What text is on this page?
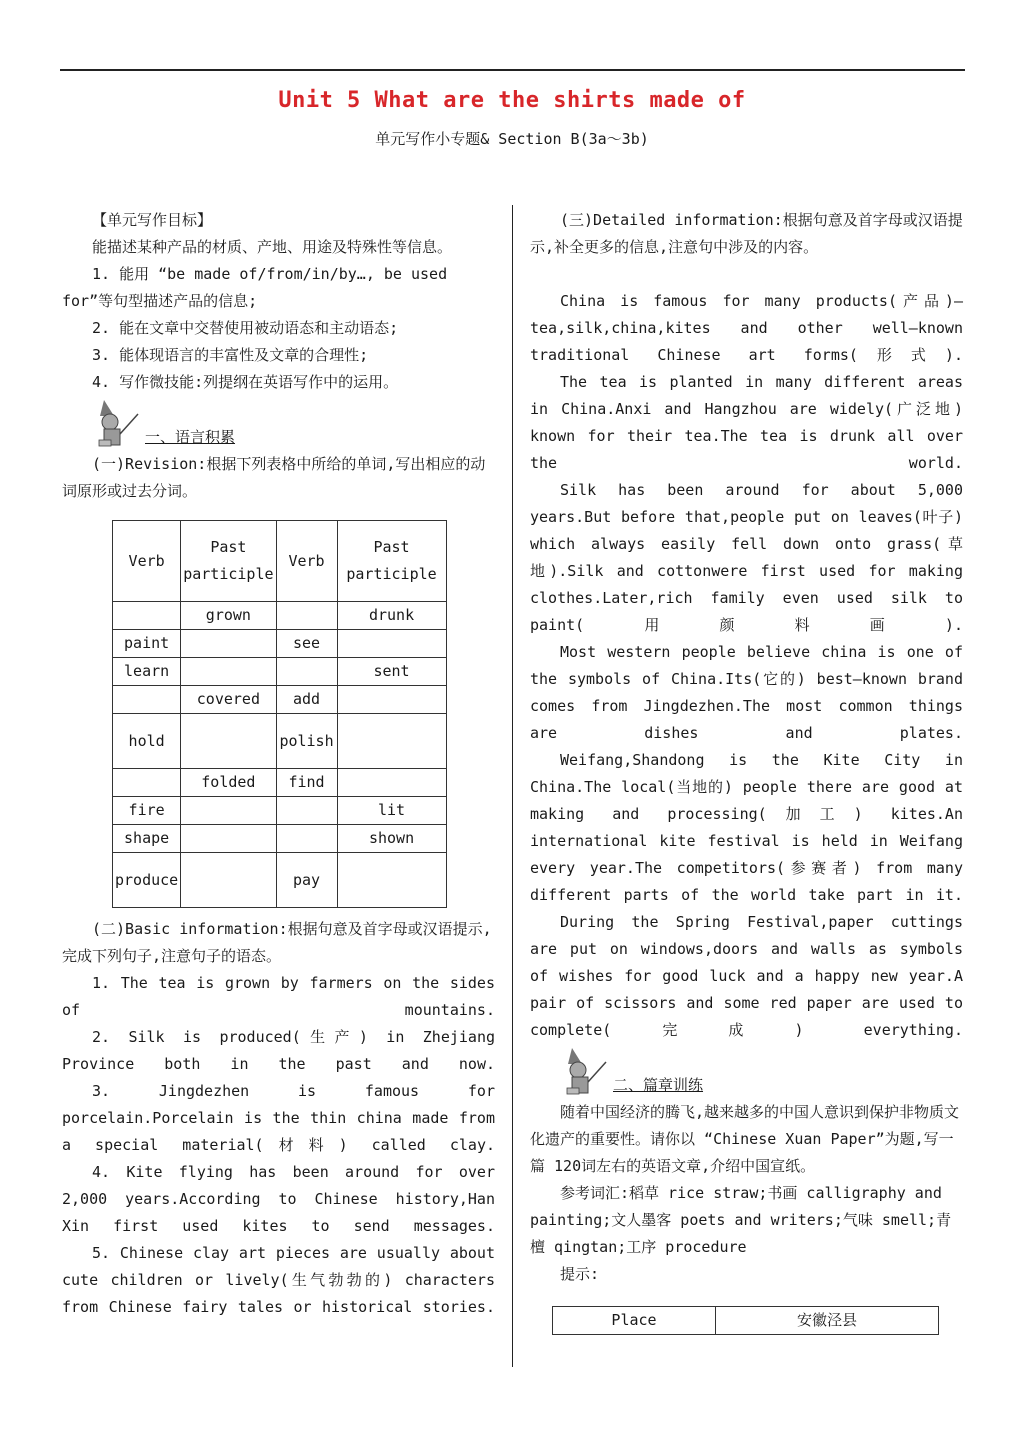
Unit 5 What are the shirts made of
单元写作小专题& Section B(3a～3b)

【单元写作目标】

能描述某种产品的材质、产地、用途及特殊性等信息。

1. 能用 “be made of/from/in/by…, be used for”等句型描述产品的信息;

2. 能在文章中交替使用被动语态和主动语态;

3. 能体现语言的丰富性及文章的合理性;

4. 写作微技能:列提纲在英语写作中的运用。

一、语言积累

(一)Revision:根据下列表格中所给的单词,写出相应的动词原形或过去分词。

Verb	Past participle	Verb	Past participle
	grown		drunk
paint		see	
learn			sent
	covered	add	
hold		polish	
	folded	find	
fire			lit
shape			shown
produce		pay	

(二)Basic information:根据句意及首字母或汉语提示,完成下列句子,注意句子的语态。

1. The tea is grown by farmers on the sides of mountains.

2. Silk is produced(生产) in Zhejiang Province both in the past and now.

3. Jingdezhen is famous for porcelain.Porcelain is the thin china made from a special material(材料) called clay.

4. Kite flying has been around for over 2,000 years.According to Chinese history,Han Xin first used kites to send messages.

5. Chinese clay art pieces are usually about cute children or lively(生气勃勃的) characters from Chinese fairy tales or historical stories.

(三)Detailed information:根据句意及首字母或汉语提示,补全更多的信息,注意句中涉及的内容。

China is famous for many products(产品)—tea,silk,china,kites and other well—known traditional Chinese art forms(形式).

The tea is planted in many different areas in China.Anxi and Hangzhou are widely(广泛地) known for their tea.The tea is drunk all over the world.

Silk has been around for about 5,000 years.But before that,people put on leaves(叶子) which always easily fell down onto grass(草地).Silk and cottonwere first used for making clothes.Later,rich family even used silk to paint(用颜料画).

Most western people believe china is one of the symbols of China.Its(它的) best—known brand comes from Jingdezhen.The most common things are dishes and plates.

Weifang,Shandong is the Kite City in China.The local(当地的) people there are good at making and processing(加工) kites.An international kite festival is held in Weifang every year.The competitors(参赛者) from many different parts of the world take part in it.

During the Spring Festival,paper cuttings are put on windows,doors and walls as symbols of wishes for good luck and a happy new year.A pair of scissors and some red paper are used to complete(完成) everything.

二、篇章训练

随着中国经济的腾飞,越来越多的中国人意识到保护非物质文化遗产的重要性。请你以 “Chinese Xuan Paper”为题,写一篇 120词左右的英语文章,介绍中国宣纸。

参考词汇:稻草 rice straw;书画 calligraphy and painting;文人墨客 poets and writers;气味 smell;青檀 qingtan;工序 procedure

提示:

Place	安徽泾县
